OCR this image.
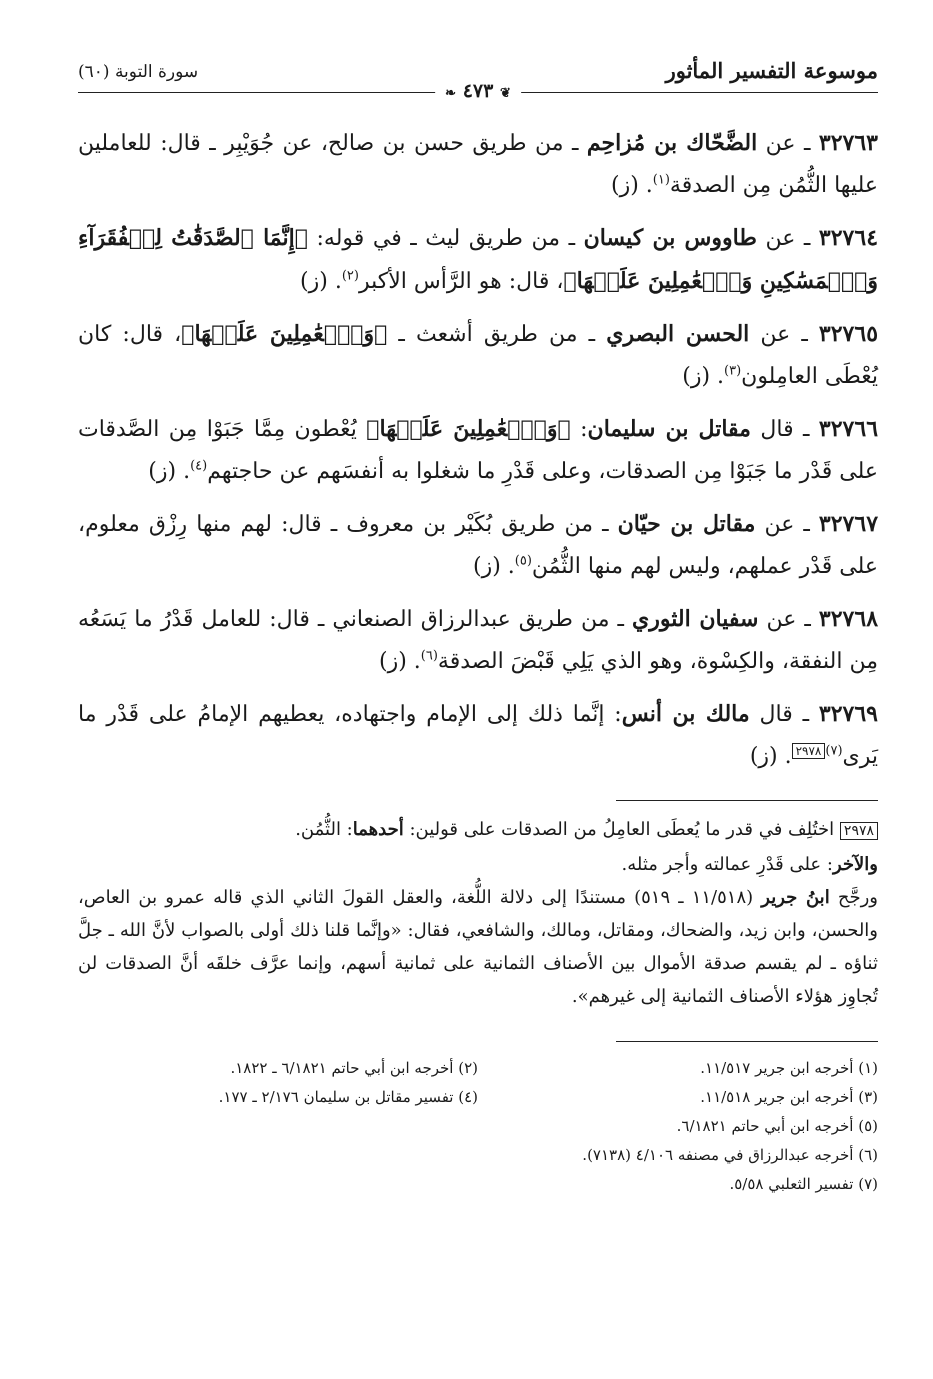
موسوعة التفسير المأثور
❦ ٤٧٣ ❧
سورة التوبة (٦٠)

٣٢٧٦٣ ـ عن الضَّحّاك بن مُزاحِم ـ من طريق حسن بن صالح، عن جُوَيْبِر ـ قال: للعاملين عليها الثُّمُن مِن الصدقة$^{(١)}$. (ز)

٣٢٧٦٤ ـ عن طاووس بن كيسان ـ من طريق ليث ـ في قوله: ﴿إِنَّمَا ٱلصَّدَقَٰتُ لِلۡفُقَرَآءِ وَٱلۡمَسَٰكِينِ وَٱلۡعَٰمِلِينَ عَلَيۡهَا﴾، قال: هو الرَّأس الأكبر$^{(٢)}$. (ز)

٣٢٧٦٥ ـ عن الحسن البصري ـ من طريق أشعث ـ ﴿وَٱلۡعَٰمِلِينَ عَلَيۡهَا﴾، قال: كان يُعْطَى العامِلون$^{(٣)}$. (ز)

٣٢٧٦٦ ـ قال مقاتل بن سليمان: ﴿وَٱلۡعَٰمِلِينَ عَلَيۡهَا﴾ يُعْطون مِمَّا جَبَوْا مِن الصَّدقات على قَدْر ما جَبَوْا مِن الصدقات، وعلى قَدْرِ ما شغلوا به أنفسَهم عن حاجتهم$^{(٤)}$. (ز)

٣٢٧٦٧ ـ عن مقاتل بن حيّان ـ من طريق بُكَيْر بن معروف ـ قال: لهم منها رِزْق معلوم، على قَدْر عملهم، وليس لهم منها الثُّمُن$^{(٥)}$. (ز)

٣٢٧٦٨ ـ عن سفيان الثوري ـ من طريق عبدالرزاق الصنعاني ـ قال: للعامل قَدْرُ ما يَسَعُه مِن النفقة، والكِسْوة، وهو الذي يَلِي قَبْضَ الصدقة$^{(٦)}$. (ز)

٣٢٧٦٩ ـ قال مالك بن أنس: إنَّما ذلك إلى الإمام واجتهاده، يعطيهم الإمامُ على قَدْر ما يَرى$^{(٧)٢٩٧٨}$. (ز)

٢٩٧٨ اختُلِف في قدر ما يُعطَى العامِلُ من الصدقات على قولين: أحدهما: الثُّمُن.
والآخر: على قَدْرِ عمالته وأجر مثله.
ورجَّح ابنُ جرير (١١/٥١٨ ـ ٥١٩) مستندًا إلى دلالة اللُّغة، والعقل القولَ الثاني الذي قاله عمرو بن العاص، والحسن، وابن زيد، والضحاك، ومقاتل، ومالك، والشافعي، فقال: «وإنَّما قلنا ذلك أولى بالصواب لأنَّ الله ـ جلَّ ثناؤه ـ لم يقسم صدقة الأموال بين الأصناف الثمانية على ثمانية أسهم، وإنما عرَّف خلقَه أنَّ الصدقات لن تُجاوِز هؤلاء الأصناف الثمانية إلى غيرهم».
(١) أخرجه ابن جرير ١١/٥١٧.
(٢) أخرجه ابن أبي حاتم ٦/١٨٢١ ـ ١٨٢٢.
(٣) أخرجه ابن جرير ١١/٥١٨.
(٤) تفسير مقاتل بن سليمان ٢/١٧٦ ـ ١٧٧.
(٥) أخرجه ابن أبي حاتم ٦/١٨٢١.
(٦) أخرجه عبدالرزاق في مصنفه ٤/١٠٦ (٧١٣٨).
(٧) تفسير الثعلبي ٥/٥٨.
